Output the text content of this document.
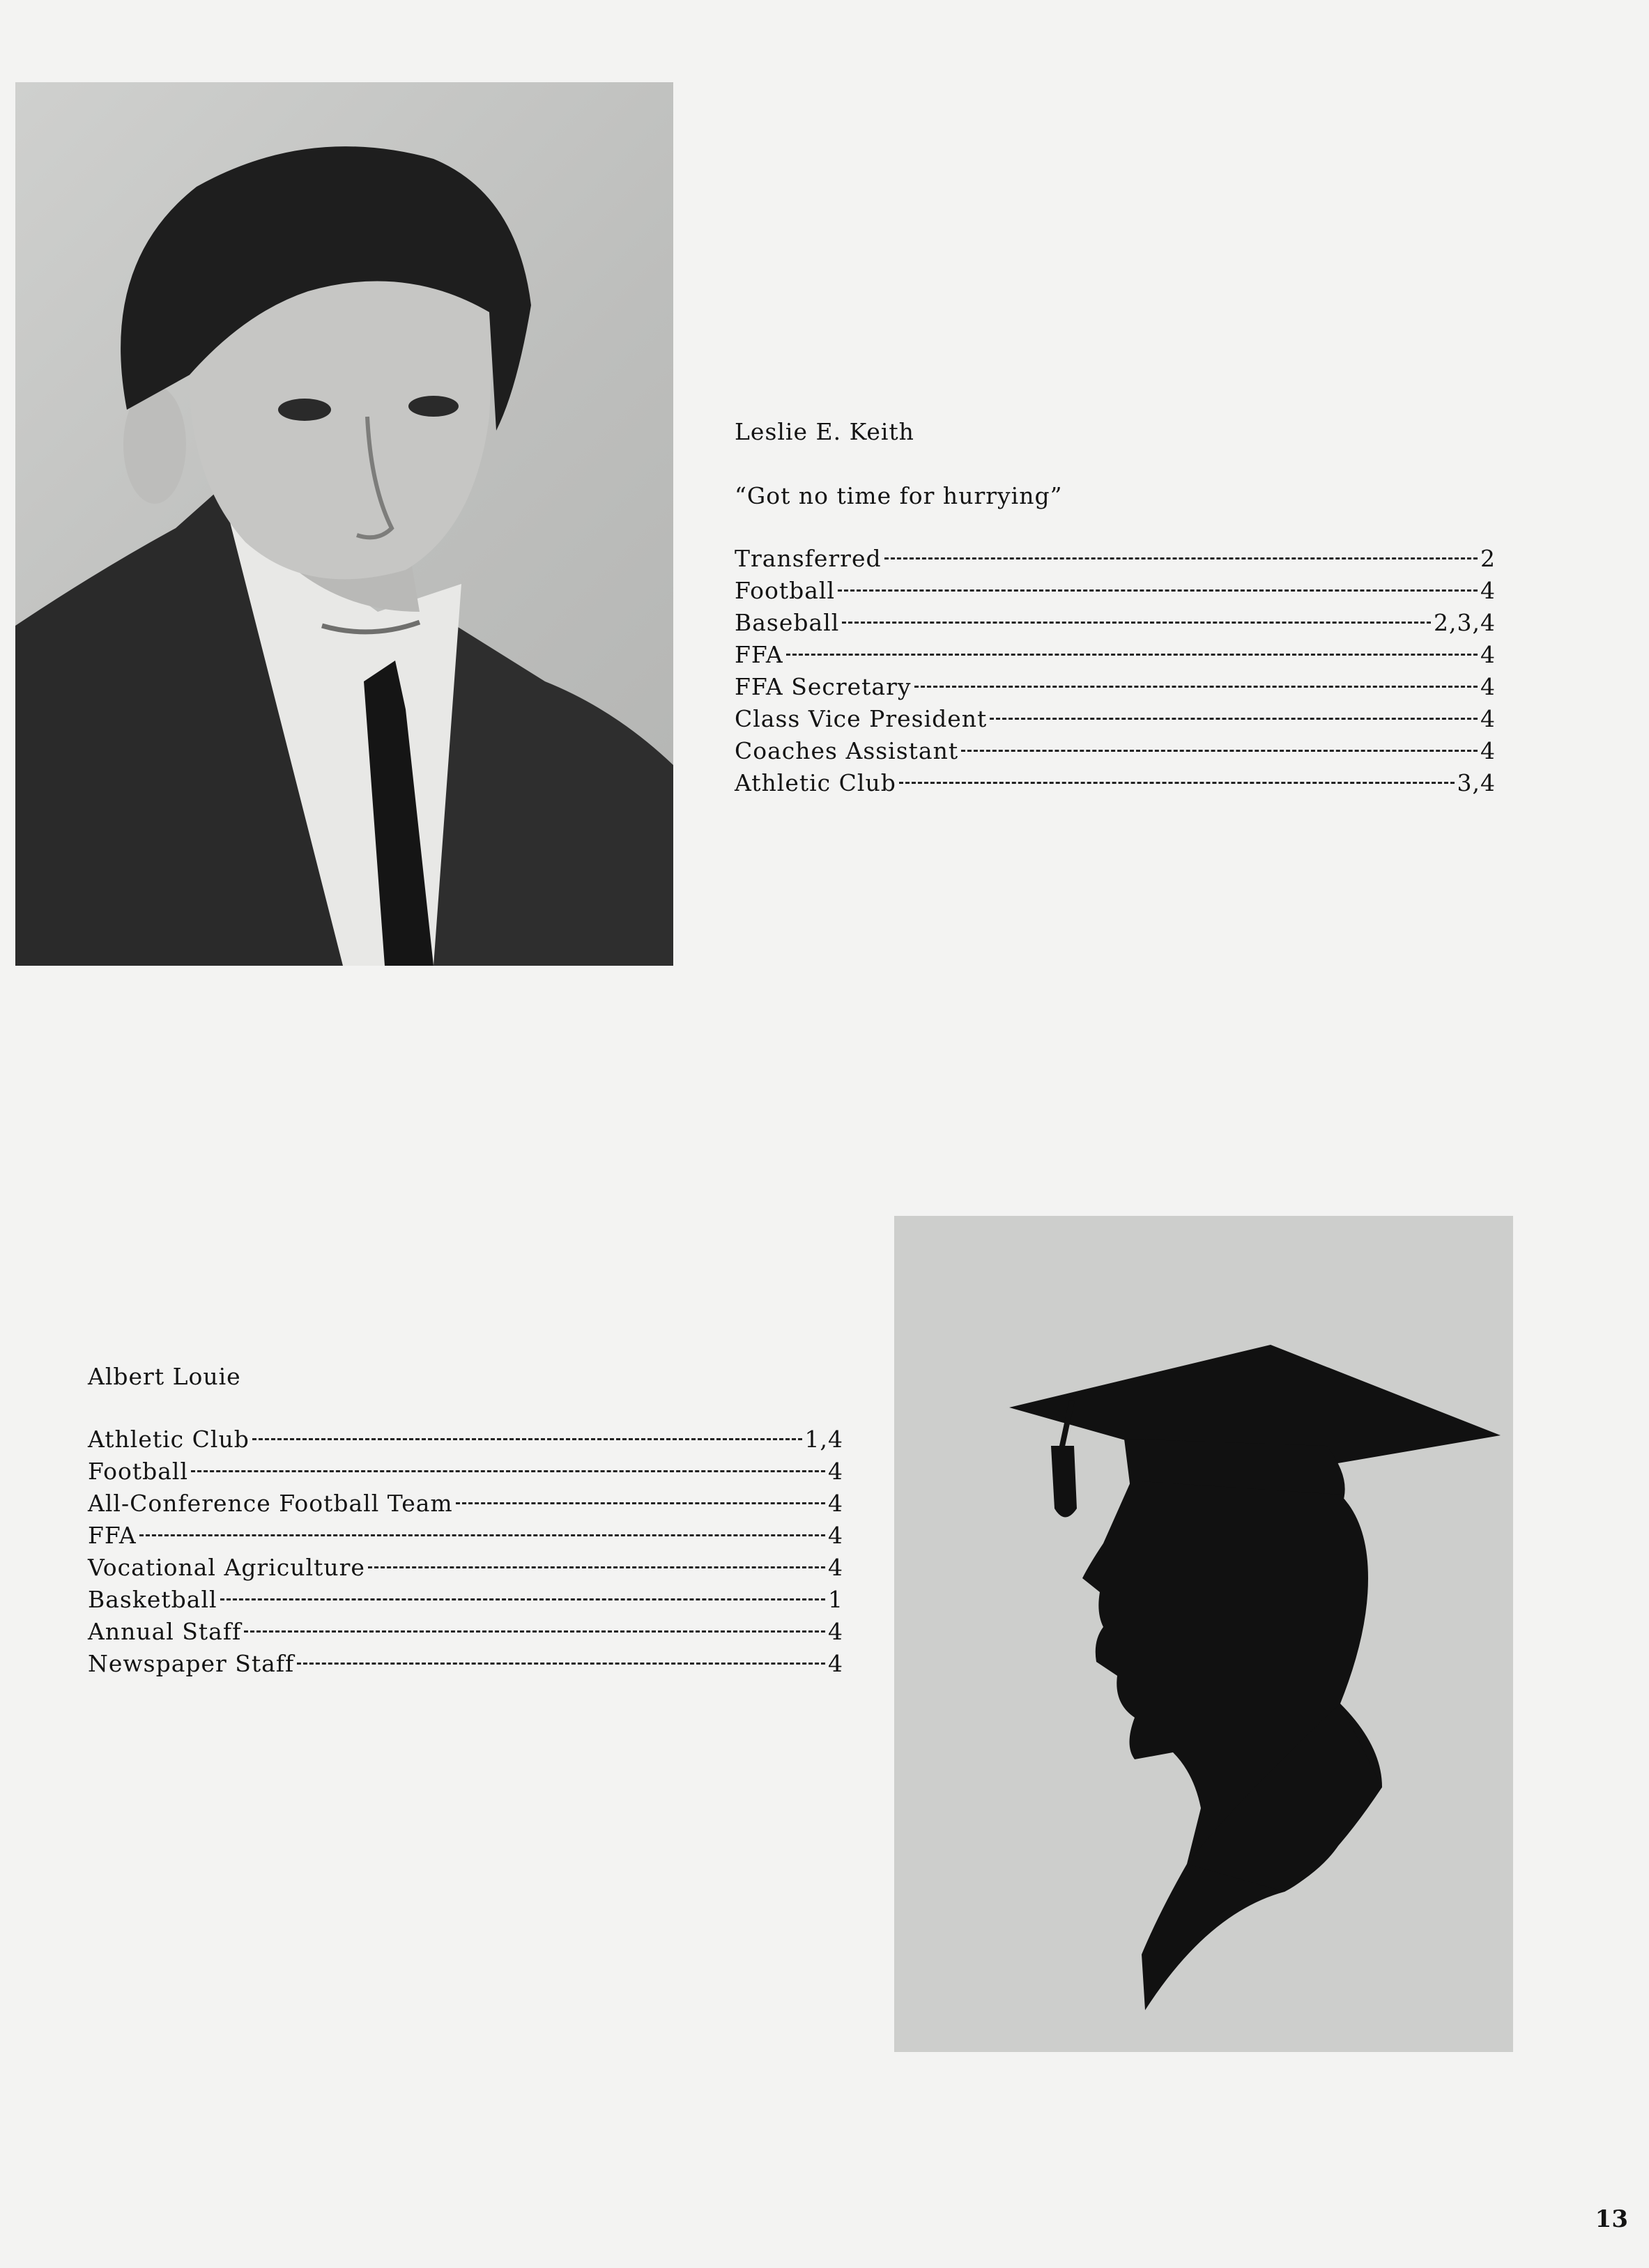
Leslie E. Keith
“Got no time for hurrying”
Transferred	2
Football	4
Baseball	2,3,4
FFA	4
FFA Secretary	4
Class Vice President	4
Coaches Assistant	4
Athletic Club	3,4
Albert Louie
Athletic Club	1,4
Football	4
All-Conference Football Team	4
FFA	4
Vocational Agriculture	4
Basketball	1
Annual Staff	4
Newspaper Staff	4
13
